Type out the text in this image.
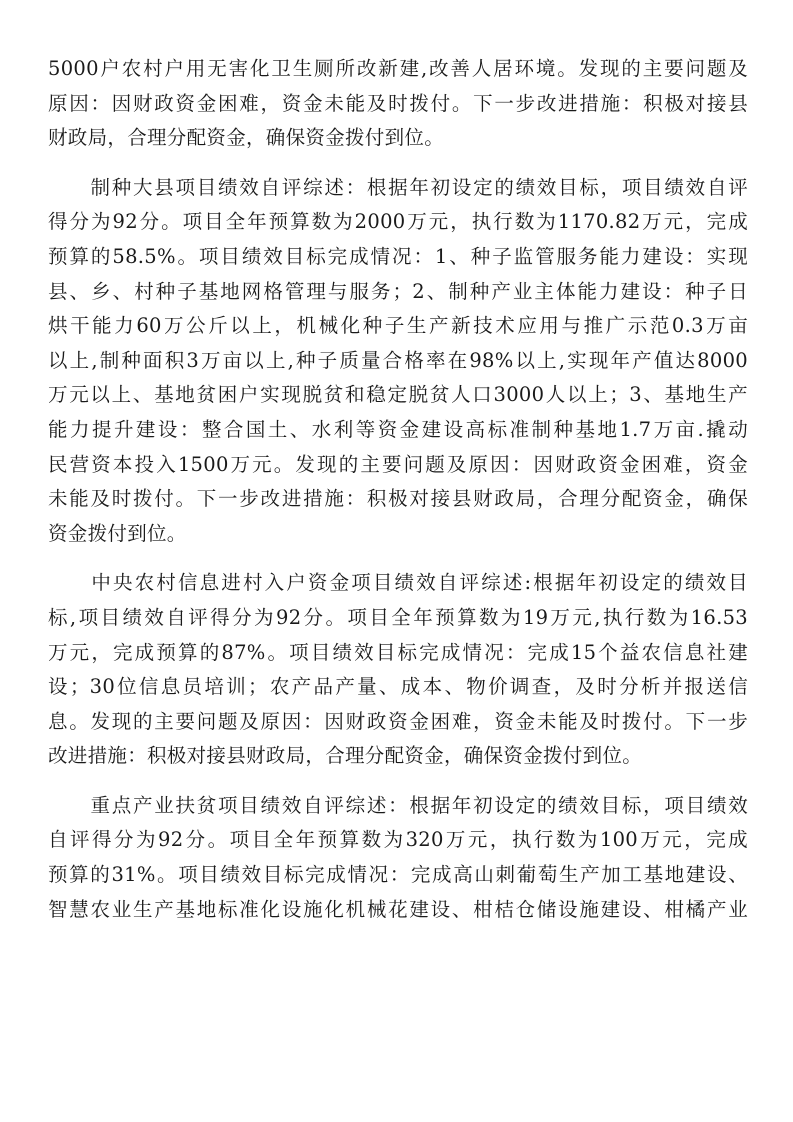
5000户农村户用无害化卫生厕所改新建,改善人居环境。发现的主要问题及
原因：因财政资金困难，资金未能及时拨付。下一步改进措施：积极对接县
财政局，合理分配资金，确保资金拨付到位。
　　制种大县项目绩效自评综述：根据年初设定的绩效目标，项目绩效自评
得分为92分。项目全年预算数为2000万元，执行数为1170.82万元，完成
预算的58.5%。项目绩效目标完成情况：1、种子监管服务能力建设：实现
县、乡、村种子基地网格管理与服务；2、制种产业主体能力建设：种子日
烘干能力60万公斤以上，机械化种子生产新技术应用与推广示范0.3万亩
以上,制种面积3万亩以上,种子质量合格率在98%以上,实现年产值达8000
万元以上、基地贫困户实现脱贫和稳定脱贫人口3000人以上；3、基地生产
能力提升建设：整合国土、水利等资金建设高标准制种基地1.7万亩.撬动
民营资本投入1500万元。发现的主要问题及原因：因财政资金困难，资金
未能及时拨付。下一步改进措施：积极对接县财政局，合理分配资金，确保
资金拨付到位。
　　中央农村信息进村入户资金项目绩效自评综述:根据年初设定的绩效目
标,项目绩效自评得分为92分。项目全年预算数为19万元,执行数为16.53
万元，完成预算的87%。项目绩效目标完成情况：完成15个益农信息社建
设；30位信息员培训；农产品产量、成本、物价调查，及时分析并报送信
息。发现的主要问题及原因：因财政资金困难，资金未能及时拨付。下一步
改进措施：积极对接县财政局，合理分配资金，确保资金拨付到位。
　　重点产业扶贫项目绩效自评综述：根据年初设定的绩效目标，项目绩效
自评得分为92分。项目全年预算数为320万元，执行数为100万元，完成
预算的31%。项目绩效目标完成情况：完成高山刺葡萄生产加工基地建设、
智慧农业生产基地标准化设施化机械花建设、柑桔仓储设施建设、柑橘产业
